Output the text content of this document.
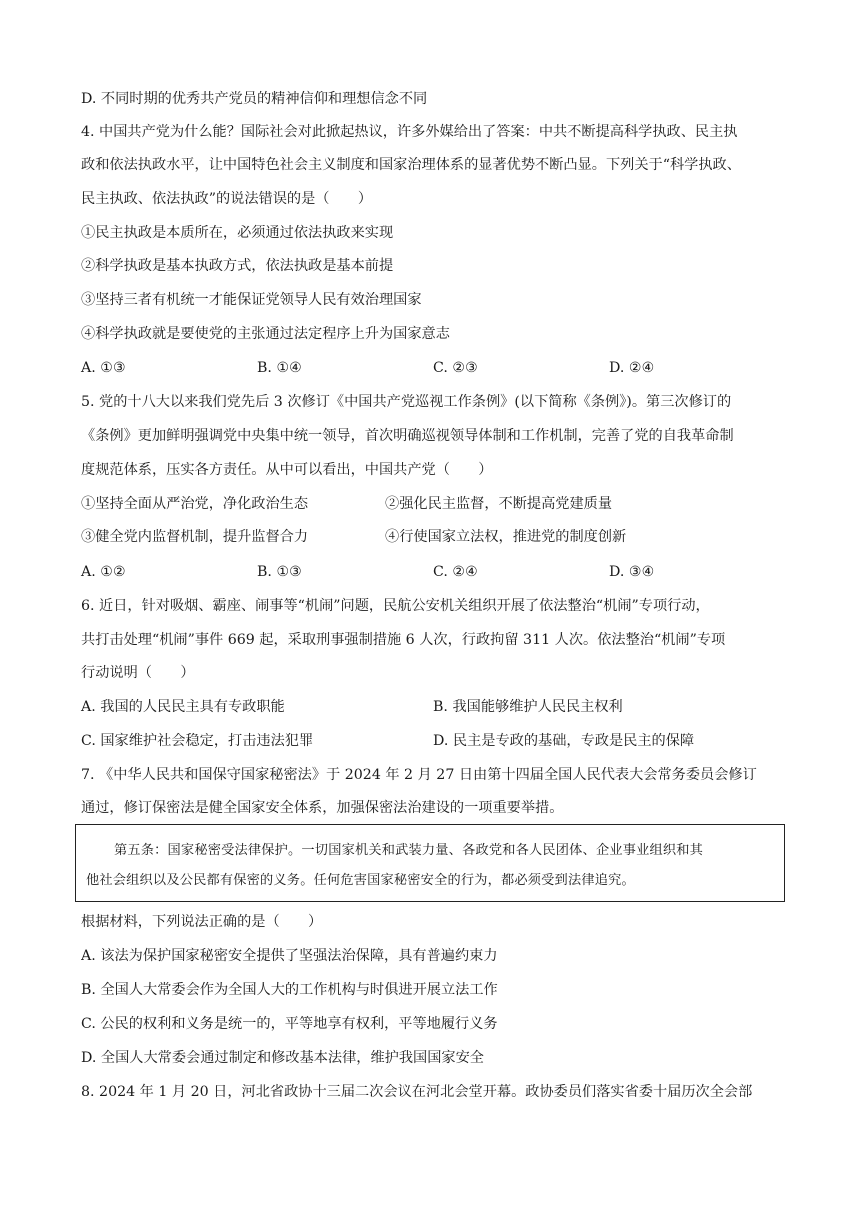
D. 不同时期的优秀共产党员的精神信仰和理想信念不同
4. 中国共产党为什么能？国际社会对此掀起热议，许多外媒给出了答案：中共不断提高科学执政、民主执
政和依法执政水平，让中国特色社会主义制度和国家治理体系的显著优势不断凸显。下列关于“科学执政、
民主执政、依法执政”的说法错误的是（　　）
①民主执政是本质所在，必须通过依法执政来实现
②科学执政是基本执政方式，依法执政是基本前提
③坚持三者有机统一才能保证党领导人民有效治理国家
④科学执政就是要使党的主张通过法定程序上升为国家意志
A. ①③	B. ①④	C. ②③	D. ②④
5. 党的十八大以来我们党先后 3 次修订《中国共产党巡视工作条例》(以下简称《条例》)。第三次修订的
《条例》更加鲜明强调党中央集中统一领导，首次明确巡视领导体制和工作机制，完善了党的自我革命制
度规范体系，压实各方责任。从中可以看出，中国共产党（　　）
①坚持全面从严治党，净化政治生态	②强化民主监督，不断提高党建质量
③健全党内监督机制，提升监督合力	④行使国家立法权，推进党的制度创新
A. ①②	B. ①③	C. ②④	D. ③④
6. 近日，针对吸烟、霸座、闹事等“机闹”问题，民航公安机关组织开展了依法整治“机闹”专项行动，
共打击处理“机闹”事件 669 起，采取刑事强制措施 6 人次，行政拘留 311 人次。依法整治“机闹”专项
行动说明（　　）
A. 我国的人民民主具有专政职能	B. 我国能够维护人民民主权利
C. 国家维护社会稳定，打击违法犯罪	D. 民主是专政的基础，专政是民主的保障
7. 《中华人民共和国保守国家秘密法》于 2024 年 2 月 27 日由第十四届全国人民代表大会常务委员会修订
通过，修订保密法是健全国家安全体系，加强保密法治建设的一项重要举措。
第五条：国家秘密受法律保护。一切国家机关和武装力量、各政党和各人民团体、企业事业组织和其
他社会组织以及公民都有保密的义务。任何危害国家秘密安全的行为，都必须受到法律追究。
根据材料，下列说法正确的是（　　）
A. 该法为保护国家秘密安全提供了坚强法治保障，具有普遍约束力
B. 全国人大常委会作为全国人大的工作机构与时俱进开展立法工作
C. 公民的权利和义务是统一的，平等地享有权利，平等地履行义务
D. 全国人大常委会通过制定和修改基本法律，维护我国国家安全
8. 2024 年 1 月 20 日，河北省政协十三届二次会议在河北会堂开幕。政协委员们落实省委十届历次全会部
